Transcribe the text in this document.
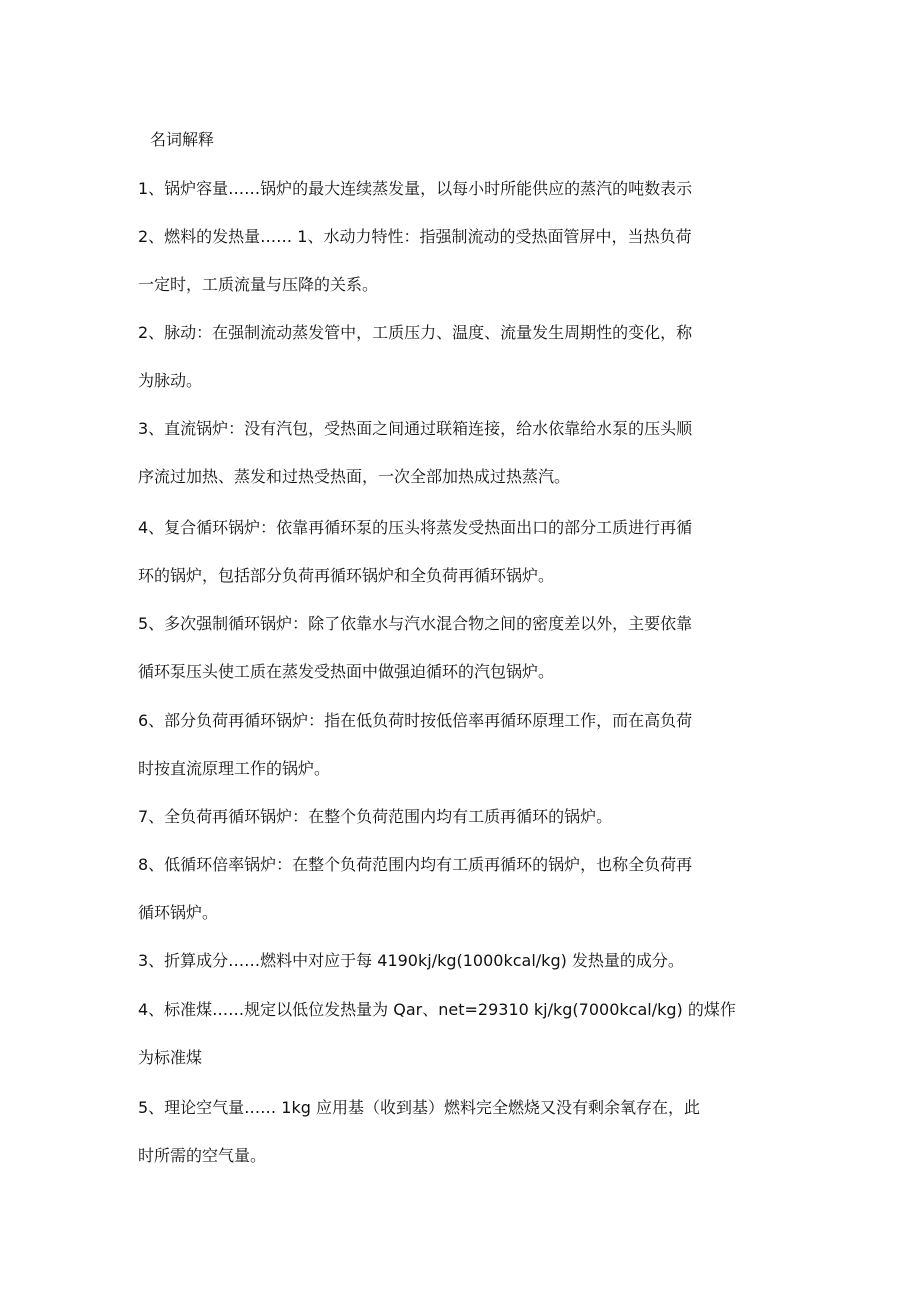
名词解释

1、锅炉容量……锅炉的最大连续蒸发量，以每小时所能供应的蒸汽的吨数表示

2、燃料的发热量…… 1、水动力特性：指强制流动的受热面管屏中，当热负荷

一定时，工质流量与压降的关系。

2、脉动：在强制流动蒸发管中，工质压力、温度、流量发生周期性的变化，称

为脉动。

3、直流锅炉：没有汽包，受热面之间通过联箱连接，给水依靠给水泵的压头顺

序流过加热、蒸发和过热受热面，一次全部加热成过热蒸汽。

4、复合循环锅炉：依靠再循环泵的压头将蒸发受热面出口的部分工质进行再循

环的锅炉，包括部分负荷再循环锅炉和全负荷再循环锅炉。

5、多次强制循环锅炉：除了依靠水与汽水混合物之间的密度差以外，主要依靠

循环泵压头使工质在蒸发受热面中做强迫循环的汽包锅炉。

6、部分负荷再循环锅炉：指在低负荷时按低倍率再循环原理工作，而在高负荷

时按直流原理工作的锅炉。

7、全负荷再循环锅炉：在整个负荷范围内均有工质再循环的锅炉。

8、低循环倍率锅炉：在整个负荷范围内均有工质再循环的锅炉，也称全负荷再

循环锅炉。

3、折算成分……燃料中对应于每 4190kj/kg(1000kcal/kg) 发热量的成分。

4、标准煤……规定以低位发热量为 Qar、net=29310 kj/kg(7000kcal/kg) 的煤作

为标准煤

5、理论空气量…… 1kg 应用基（收到基）燃料完全燃烧又没有剩余氧存在，此

时所需的空气量。
